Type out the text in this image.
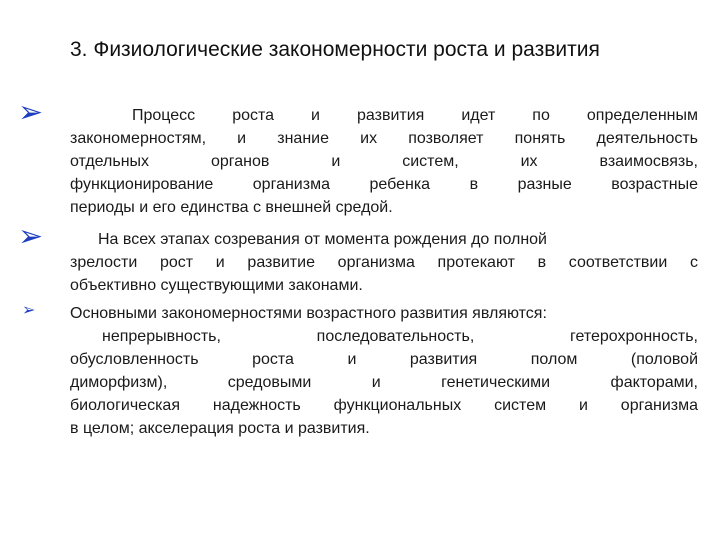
3. Физиологические закономерности роста и развития
➢	Процесс роста и развития идет по определенным
закономерностям, и знание их позволяет понять деятельность
отдельных органов и систем, их взаимосвязь,
функционирование организма ребенка в разные возрастные
периоды и его единства с внешней средой.
➢	На всех этапах созревания от момента рождения до полной
зрелости рост и развитие организма протекают в соответствии с
объективно существующими законами.
➢ Основными закономерностями возрастного развития являются:
непрерывность, последовательность, гетерохронность,
обусловленность роста и развития полом (половой
диморфизм), средовыми и генетическими факторами,
биологическая надежность функциональных систем и организма
в целом; акселерация роста и развития.
